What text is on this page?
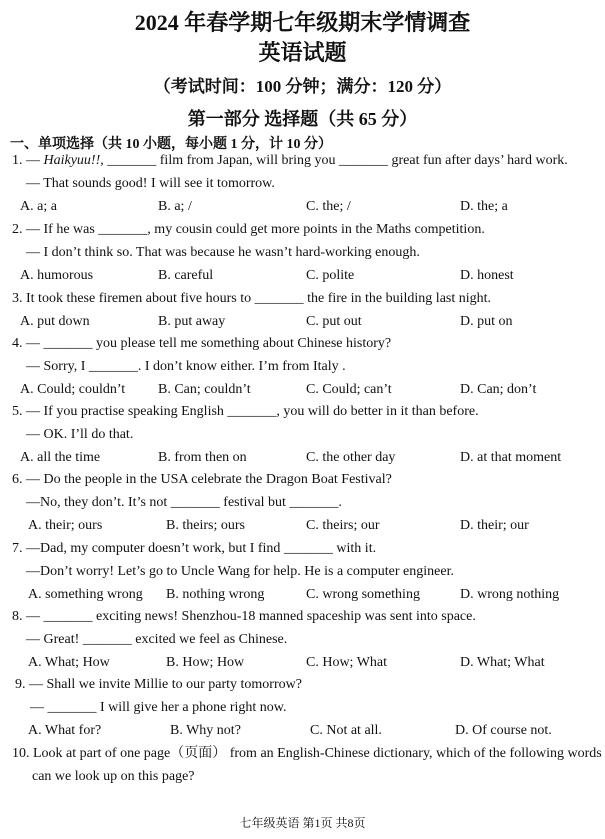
2024 年春学期七年级期末学情调查
英语试题
（考试时间：100 分钟；满分：120 分）
第一部分 选择题（共 65 分）
一、单项选择（共 10 小题，每小题 1 分，计 10 分）
1. — Haikyuu!!, _______ film from Japan, will bring you _______ great fun after days’ hard work.
— That sounds good! I will see it tomorrow.
A. a; a	B. a; /	C. the; /	D. the; a
2. — If he was _______, my cousin could get more points in the Maths competition.
— I don’t think so. That was because he wasn’t hard-working enough.
A. humorous	B. careful	C. polite	D. honest
3. It took these firemen about five hours to _______ the fire in the building last night.
A. put down	B. put away	C. put out	D. put on
4. — _______ you please tell me something about Chinese history?
— Sorry, I _______. I don’t know either. I’m from Italy .
A. Could; couldn’t B. Can; couldn’t	C. Could; can’t	D. Can; don’t
5. — If you practise speaking English _______, you will do better in it than before.
— OK. I’ll do that.
A. all the time	B. from then on	C. the other day	D. at that moment
6. — Do the people in the USA celebrate the Dragon Boat Festival?
—No, they don’t. It’s not _______ festival but _______.
A. their; ours	B. theirs; ours	C. theirs; our	D. their; our
7. —Dad, my computer doesn’t work, but I find _______ with it.
—Don’t worry! Let’s go to Uncle Wang for help. He is a computer engineer.
A. something wrong B. nothing wrong	C. wrong something	D. wrong nothing
8. — _______ exciting news! Shenzhou-18 manned spaceship was sent into space.
— Great! _______ excited we feel as Chinese.
A. What; How	B. How; How	C. How; What	D. What; What
9. — Shall we invite Millie to our party tomorrow?
— _______ I will give her a phone right now.
A. What for?	B. Why not?	C. Not at all.	D. Of course not.
10. Look at part of one page（页面） from an English-Chinese dictionary, which of the following words
can we look up on this page?
七年级英语 第1页 共8页
